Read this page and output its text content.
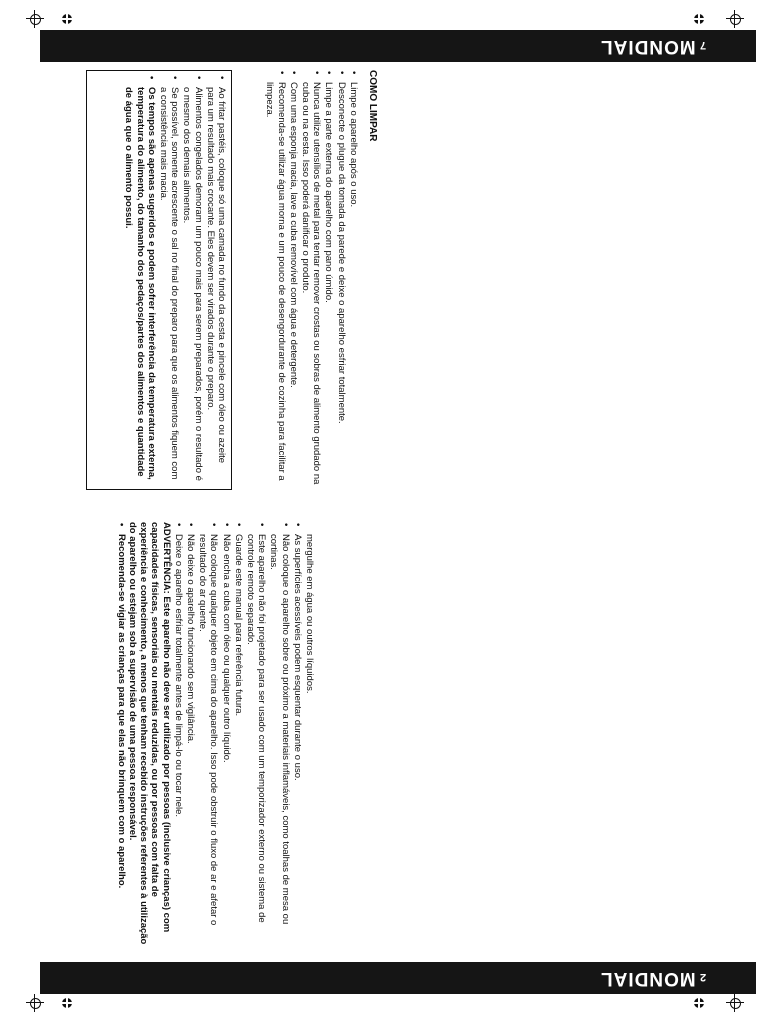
MONDIAL 7
MONDIAL 2
mergulhe em água ou outros líquidos.
• As superfícies acessíveis podem esquentar durante o uso.
• Não coloque o aparelho sobre ou próximo a materiais inflamáveis, como toalhas de mesa ou cortinas.
• Este aparelho não foi projetado para ser usado com um temporizador externo ou sistema de controle remoto separado.
• Guarde este manual para referência futura.
• Não encha a cuba com óleo ou qualquer outro líquido.
• Não coloque qualquer objeto em cima do aparelho. Isso pode obstruir o fluxo de ar e afetar o resultado do ar quente.
• Não deixe o aparelho funcionando sem vigilância.
• Deixe o aparelho esfriar totalmente antes de limpá-lo ou tocar nele.
ADVERTÊNCIA: Este aparelho não deve ser utilizado por pessoas (inclusive crianças) com capacidades físicas, sensoriais ou mentais reduzidas, ou por pessoas com falta de experiência e conhecimento, a menos que tenham recebido instruções referentes à utilização do aparelho ou estejam sob a supervisão de uma pessoa responsável.
• Recomenda-se vigiar as crianças para que elas não brinquem com o aparelho.
• Ao fritar pastéis, coloque só uma camada no fundo da cesta e pincele com óleo ou azeite para um resultado mais crocante. Eles devem ser virados durante o preparo.
• Alimentos congelados demoram um pouco mais para serem preparados, porém o resultado é o mesmo dos demais alimentos.
• Se possível, somente acrescente o sal no final do preparo para que os alimentos fiquem com a consistência mais macia.
• Os tempos são apenas sugeridos e podem sofrer interferência da temperatura externa, temperatura do alimento, do tamanho dos pedaços/partes dos alimentos e quantidade de água que o alimento possui.	COMO LIMPAR
• Limpe o aparelho após o uso.
• Desconecte o plugue da tomada da parede e deixe o aparelho esfriar totalmente.
• Limpe a parte externa do aparelho com pano úmido.
• Nunca utilize utensílios de metal para tentar remover crostas ou sobras de alimento grudado na cuba ou na cesta. Isso poderá danificar o produto.
• Com uma esponja macia, lave a cuba removível com água e detergente.
• Recomenda-se utilizar água morna e um pouco de desengordurante de cozinha para facilitar a limpeza.
